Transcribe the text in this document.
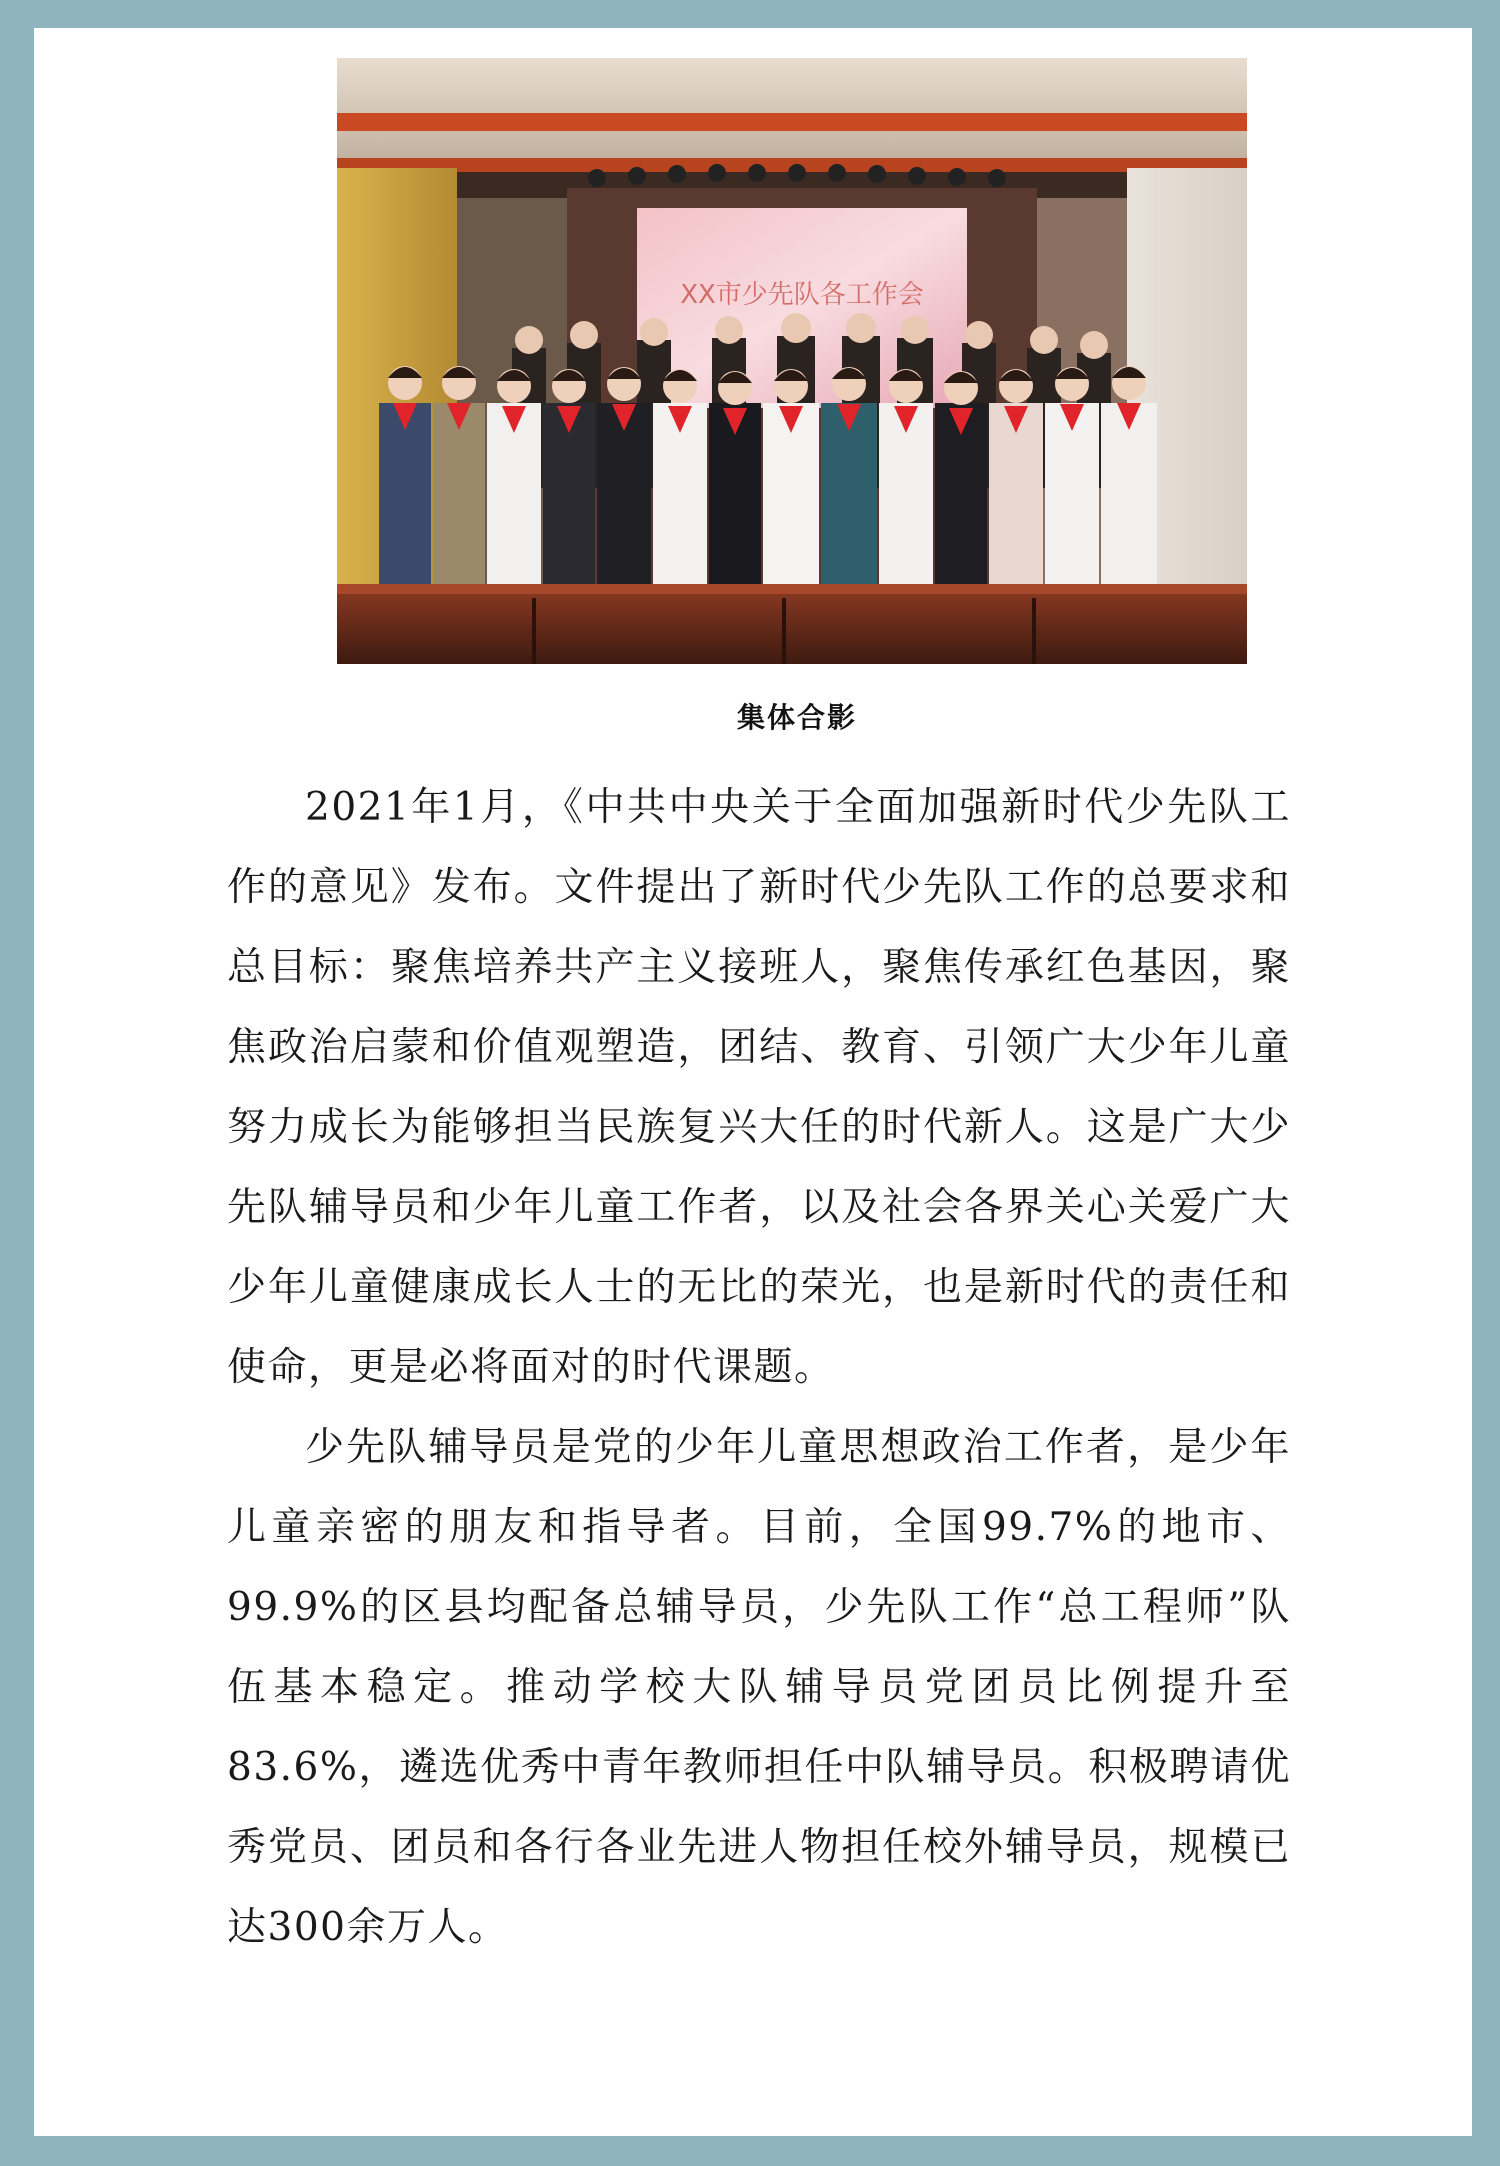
XX市少先队各工作会
集体合影

2021年1月，《中共中央关于全面加强新时代少先队工作的意见》发布。文件提出了新时代少先队工作的总要求和总目标：聚焦培养共产主义接班人，聚焦传承红色基因，聚焦政治启蒙和价值观塑造，团结、教育、引领广大少年儿童努力成长为能够担当民族复兴大任的时代新人。这是广大少先队辅导员和少年儿童工作者，以及社会各界关心关爱广大少年儿童健康成长人士的无比的荣光，也是新时代的责任和使命，更是必将面对的时代课题。

少先队辅导员是党的少年儿童思想政治工作者，是少年儿童亲密的朋友和指导者。目前，全国99.7%的地市、99.9%的区县均配备总辅导员，少先队工作“总工程师”队伍基本稳定。推动学校大队辅导员党团员比例提升至83.6%，遴选优秀中青年教师担任中队辅导员。积极聘请优秀党员、团员和各行各业先进人物担任校外辅导员，规模已达300余万人。
